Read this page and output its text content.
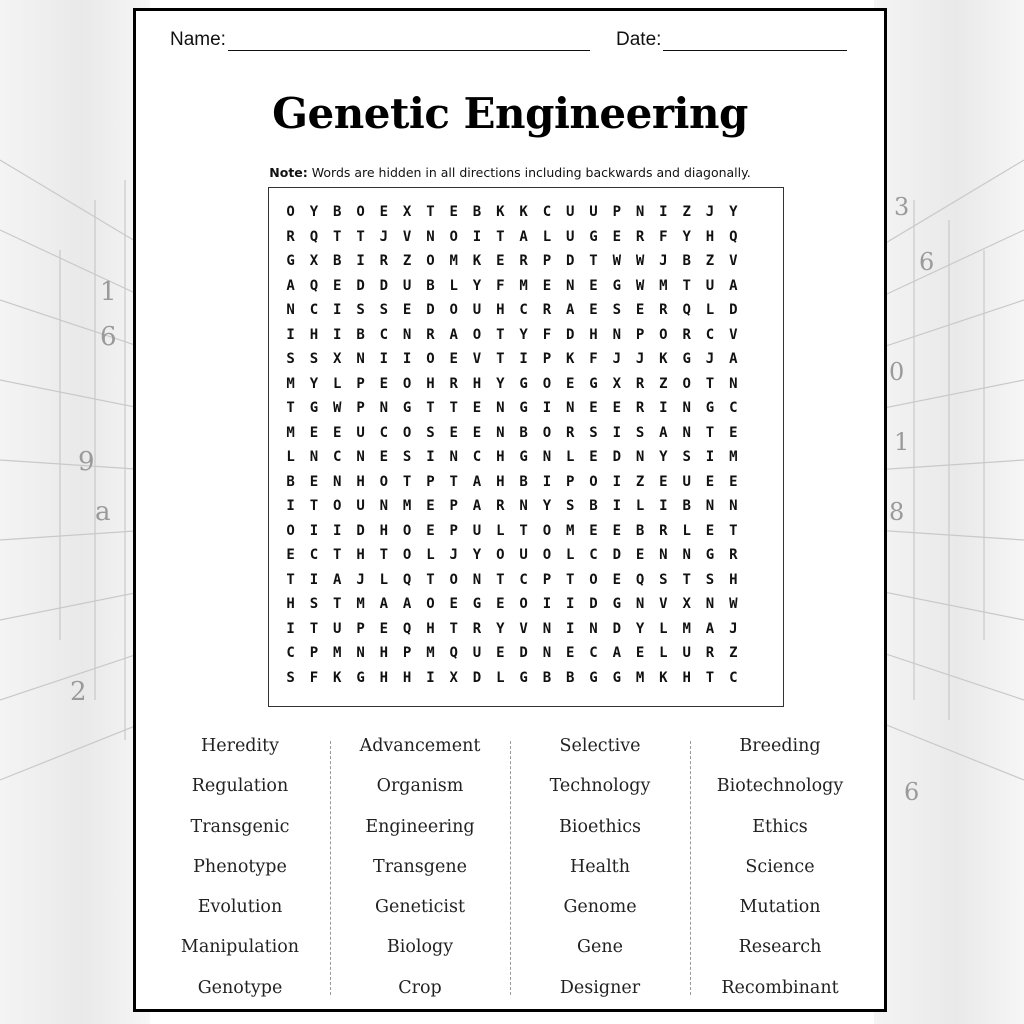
1
6
9
a
2
3
6
0
1
8
6
Name:	Date:
Genetic Engineering
Note: Words are hidden in all directions including backwards and diagonally.
O	Y	B	O	E	X	T	E	B	K	K	C	U	U	P	N	I	Z	J	Y
R	Q	T	T	J	V	N	O	I	T	A	L	U	G	E	R	F	Y	H	Q
G	X	B	I	R	Z	O	M	K	E	R	P	D	T	W	W	J	B	Z	V
A	Q	E	D	D	U	B	L	Y	F	M	E	N	E	G	W	M	T	U	A
N	C	I	S	S	E	D	O	U	H	C	R	A	E	S	E	R	Q	L	D
I	H	I	B	C	N	R	A	O	T	Y	F	D	H	N	P	O	R	C	V
S	S	X	N	I	I	O	E	V	T	I	P	K	F	J	J	K	G	J	A
M	Y	L	P	E	O	H	R	H	Y	G	O	E	G	X	R	Z	O	T	N
T	G	W	P	N	G	T	T	E	N	G	I	N	E	E	R	I	N	G	C
M	E	E	U	C	O	S	E	E	N	B	O	R	S	I	S	A	N	T	E
L	N	C	N	E	S	I	N	C	H	G	N	L	E	D	N	Y	S	I	M
B	E	N	H	O	T	P	T	A	H	B	I	P	O	I	Z	E	U	E	E
I	T	O	U	N	M	E	P	A	R	N	Y	S	B	I	L	I	B	N	N
O	I	I	D	H	O	E	P	U	L	T	O	M	E	E	B	R	L	E	T
E	C	T	H	T	O	L	J	Y	O	U	O	L	C	D	E	N	N	G	R
T	I	A	J	L	Q	T	O	N	T	C	P	T	O	E	Q	S	T	S	H
H	S	T	M	A	A	O	E	G	E	O	I	I	D	G	N	V	X	N	W
I	T	U	P	E	Q	H	T	R	Y	V	N	I	N	D	Y	L	M	A	J
C	P	M	N	H	P	M	Q	U	E	D	N	E	C	A	E	L	U	R	Z
S	F	K	G	H	H	I	X	D	L	G	B	B	G	G	M	K	H	T	C
Heredity
Regulation
Transgenic
Phenotype
Evolution
Manipulation
Genotype
Advancement
Organism
Engineering
Transgene
Geneticist
Biology
Crop
Selective
Technology
Bioethics
Health
Genome
Gene
Designer
Breeding
Biotechnology
Ethics
Science
Mutation
Research
Recombinant
